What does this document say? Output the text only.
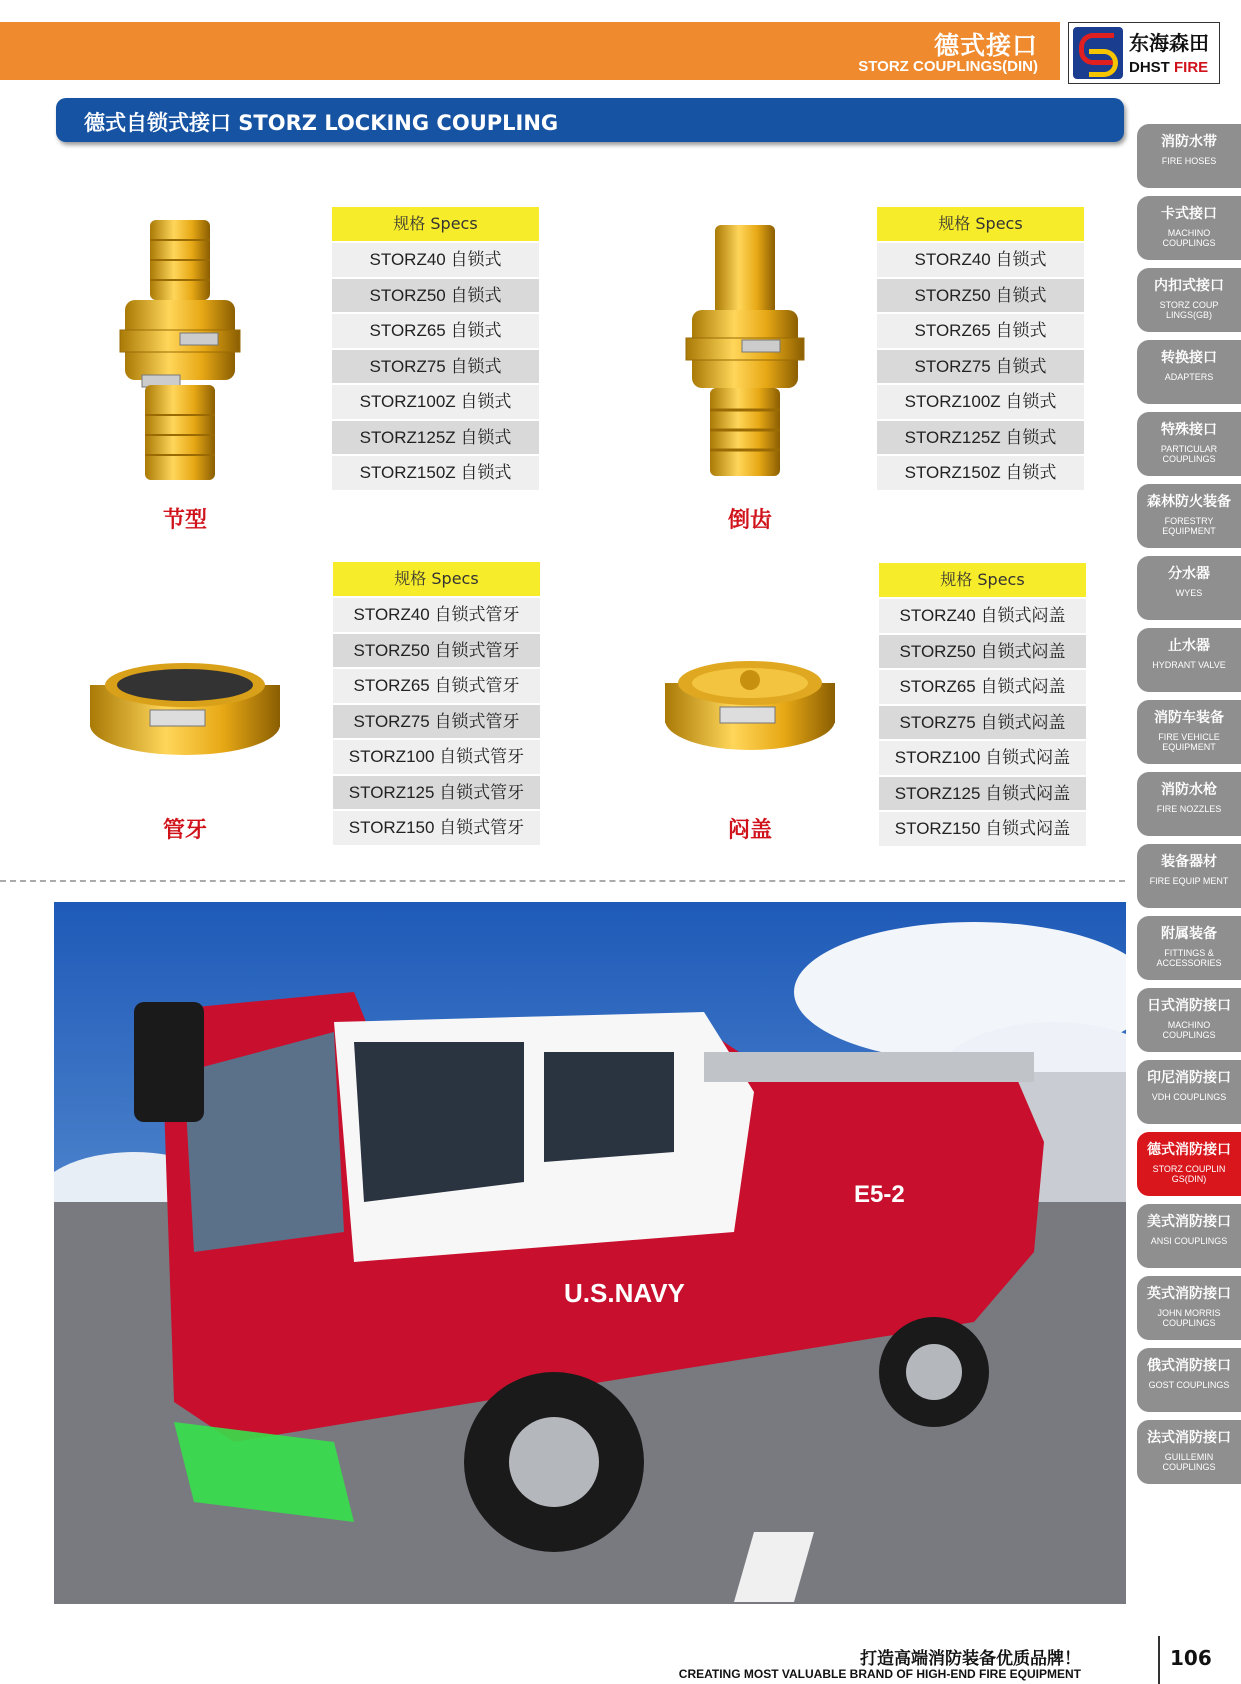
德式接口
STORZ COUPLINGS(DIN)
东海森田
DHST FIRE
德式自锁式接口 STORZ LOCKING COUPLING
消防水带
FIRE HOSES
卡式接口
MACHINO COUPLINGS
内扣式接口
STORZ COUP LINGS(GB)
转换接口
ADAPTERS
特殊接口
PARTICULAR COUPLINGS
森林防火装备
FORESTRY EQUIPMENT
分水器
WYES
止水器
HYDRANT VALVE
消防车装备
FIRE VEHICLE EQUIPMENT
消防水枪
FIRE NOZZLES
装备器材
FIRE EQUIP MENT
附属装备
FITTINGS & ACCESSORIES
日式消防接口
MACHINO COUPLINGS
印尼消防接口
VDH COUPLINGS
德式消防接口
STORZ COUPLIN GS(DIN)
美式消防接口
ANSI COUPLINGS
英式消防接口
JOHN MORRIS COUPLINGS
俄式消防接口
GOST COUPLINGS
法式消防接口
GUILLEMIN COUPLINGS
规格 Specs
STORZ40 自锁式
STORZ50 自锁式
STORZ65 自锁式
STORZ75 自锁式
STORZ100Z 自锁式
STORZ125Z 自锁式
STORZ150Z 自锁式
节型
规格 Specs
STORZ40 自锁式
STORZ50 自锁式
STORZ65 自锁式
STORZ75 自锁式
STORZ100Z 自锁式
STORZ125Z 自锁式
STORZ150Z 自锁式
倒齿
规格 Specs
STORZ40 自锁式管牙
STORZ50 自锁式管牙
STORZ65 自锁式管牙
STORZ75 自锁式管牙
STORZ100 自锁式管牙
STORZ125 自锁式管牙
STORZ150 自锁式管牙
管牙
规格 Specs
STORZ40 自锁式闷盖
STORZ50 自锁式闷盖
STORZ65 自锁式闷盖
STORZ75 自锁式闷盖
STORZ100 自锁式闷盖
STORZ125 自锁式闷盖
STORZ150 自锁式闷盖
闷盖
U.S.NAVY
E5-2
打造高端消防装备优质品牌！
CREATING MOST VALUABLE BRAND OF HIGH-END FIRE EQUIPMENT
106
